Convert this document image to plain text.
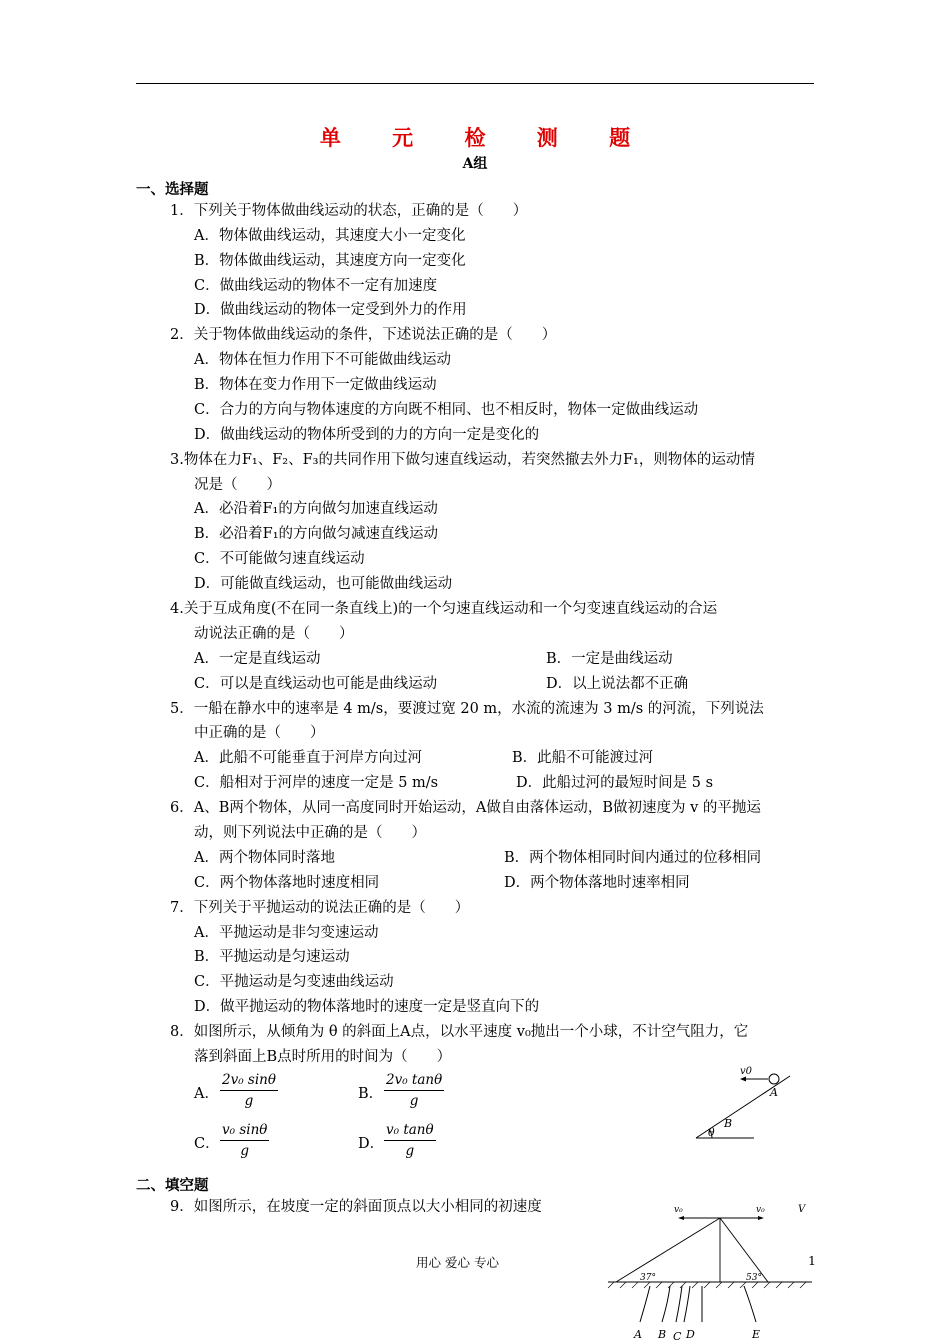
单 元 检 测 题
A组
一、选择题
1．下列关于物体做曲线运动的状态，正确的是（　　）
A．物体做曲线运动，其速度大小一定变化
B．物体做曲线运动，其速度方向一定变化
C．做曲线运动的物体不一定有加速度
D．做曲线运动的物体一定受到外力的作用
2．关于物体做曲线运动的条件，下述说法正确的是（　　）
A．物体在恒力作用下不可能做曲线运动
B．物体在变力作用下一定做曲线运动
C．合力的方向与物体速度的方向既不相同、也不相反时，物体一定做曲线运动
D．做曲线运动的物体所受到的力的方向一定是变化的
3.物体在力F₁、F₂、F₃的共同作用下做匀速直线运动，若突然撤去外力F₁，则物体的运动情
况是（　　）
A．必沿着F₁的方向做匀加速直线运动
B．必沿着F₁的方向做匀减速直线运动
C．不可能做匀速直线运动
D．可能做直线运动，也可能做曲线运动
4.关于互成角度(不在同一条直线上)的一个匀速直线运动和一个匀变速直线运动的合运
动说法正确的是（　　）
A．一定是直线运动	B．一定是曲线运动
C．可以是直线运动也可能是曲线运动	D．以上说法都不正确
5．一船在静水中的速率是 4 m/s，要渡过宽 20 m，水流的流速为 3 m/s 的河流，下列说法
中正确的是（　　）
A．此船不可能垂直于河岸方向过河	B．此船不可能渡过河
C．船相对于河岸的速度一定是 5 m/s	D．此船过河的最短时间是 5 s
6．A、B两个物体，从同一高度同时开始运动，A做自由落体运动，B做初速度为 v 的平抛运
动，则下列说法中正确的是（　　）
A．两个物体同时落地	B．两个物体相同时间内通过的位移相同
C．两个物体落地时速度相同	D．两个物体落地时速率相同
7．下列关于平抛运动的说法正确的是（　　）
A．平抛运动是非匀变速运动
B．平抛运动是匀速运动
C．平抛运动是匀变速曲线运动
D．做平抛运动的物体落地时的速度一定是竖直向下的
8．如图所示，从倾角为 θ 的斜面上A点，以水平速度 v₀抛出一个小球，不计空气阻力，它
落到斜面上B点时所用的时间为（　　）
A． $\frac{\text{2v₀ sinθ}}{g}$	B． $\frac{\text{2v₀ tanθ}}{g}$
C． $\frac{\text{v₀ sinθ}}{g}$	D． $\frac{\text{v₀ tanθ}}{g}$
v0
A
B
θ
二、填空题
9．如图所示，在坡度一定的斜面顶点以大小相同的初速度	v₀	v₀	V
37°	53°
A B C D	E
用心 爱心 专心	1
